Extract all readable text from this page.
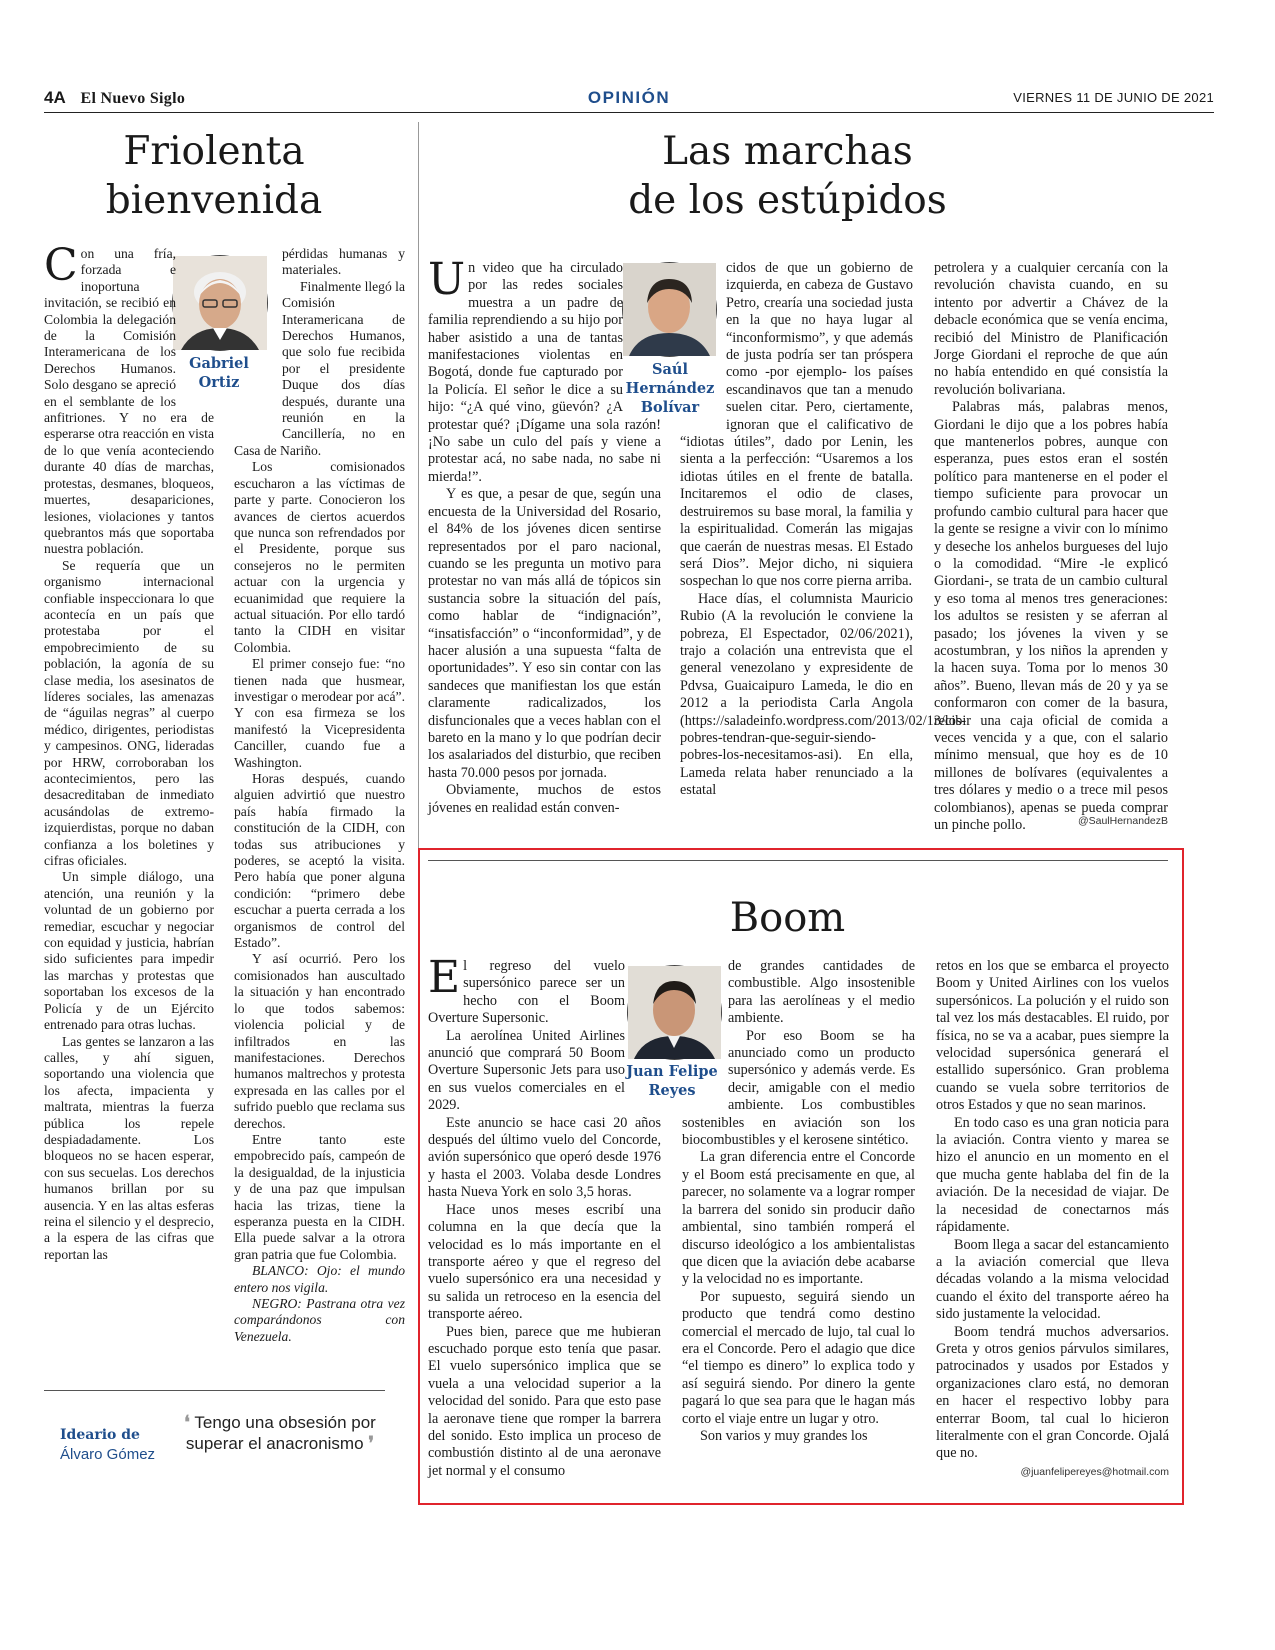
4A El Nuevo Siglo	OPINIÓN	VIERNES 11 DE JUNIO DE 2021
Friolenta
bienvenida
Gabriel
Ortiz

Con una fría, forzada e inoportuna invitación, se recibió en Colombia la delegación de la Comisión Interamericana de los Derechos Humanos. Solo desgano se apreció en el semblante de los anfitriones. Y no era de esperarse otra reacción en vista de lo que venía aconteciendo durante 40 días de marchas, protestas, desmanes, bloqueos, muertes, desapariciones, lesiones, violaciones y tantos quebrantos más que soportaba nuestra población.

Se requería que un organismo internacional confiable inspeccionara lo que acontecía en un país que protestaba por el empobrecimiento de su población, la agonía de su clase media, los asesinatos de líderes sociales, las amenazas de “águilas negras” al cuerpo médico, dirigentes, periodistas y campesinos. ONG, lideradas por HRW, corroboraban los acontecimientos, pero las desacreditaban de inmediato acusándolas de extremo-izquierdistas, porque no daban confianza a los boletines y cifras oficiales.

Un simple diálogo, una atención, una reunión y la voluntad de un gobierno por remediar, escuchar y negociar con equidad y justicia, habrían sido suficientes para impedir las marchas y protestas que soportaban los excesos de la Policía y de un Ejército entrenado para otras luchas.

Las gentes se lanzaron a las calles, y ahí siguen, soportando una violencia que los afecta, impacienta y maltrata, mientras la fuerza pública los repele despiadadamente. Los bloqueos no se hacen esperar, con sus secuelas. Los derechos humanos brillan por su ausencia. Y en las altas esferas reina el silencio y el desprecio, a la espera de las cifras que reportan las

pérdidas humanas y materiales.

Finalmente llegó la Comisión Interamericana de Derechos Humanos, que solo fue recibida por el presidente Duque dos días después, durante una reunión en la Cancillería, no en Casa de Nariño.

Los comisionados escucharon a las víctimas de parte y parte. Conocieron los avances de ciertos acuerdos que nunca son refrendados por el Presidente, porque sus consejeros no le permiten actuar con la urgencia y ecuanimidad que requiere la actual situación. Por ello tardó tanto la CIDH en visitar Colombia.

El primer consejo fue: “no tienen nada que husmear, investigar o merodear por acá”. Y con esa firmeza se los manifestó la Vicepresidenta Canciller, cuando fue a Washington.

Horas después, cuando alguien advirtió que nuestro país había firmado la constitución de la CIDH, con todas sus atribuciones y poderes, se aceptó la visita. Pero había que poner alguna condición: “primero debe escuchar a puerta cerrada a los organismos de control del Estado”.

Y así ocurrió. Pero los comisionados han auscultado la situación y han encontrado lo que todos sabemos: violencia policial y de infiltrados en las manifestaciones. Derechos humanos maltrechos y protesta expresada en las calles por el sufrido pueblo que reclama sus derechos.

Entre tanto este empobrecido país, campeón de la desigualdad, de la injusticia y de una paz que impulsan hacia las trizas, tiene la esperanza puesta en la CIDH. Ella puede salvar a la otrora gran patria que fue Colombia.

BLANCO: Ojo: el mundo entero nos vigila.

NEGRO: Pastrana otra vez comparándonos con Venezuela.

Ideario de
Álvaro Gómez
❛ Tengo una obsesión por superar el anacronismo ❜
Las marchas
de los estúpidos
Saúl
Hernández
Bolívar

Un video que ha circulado por las redes sociales muestra a un padre de familia reprendiendo a su hijo por haber asistido a una de tantas manifestaciones violentas en Bogotá, donde fue capturado por la Policía. El señor le dice a su hijo: “¿A qué vino, güevón? ¿A protestar qué? ¡Dígame una sola razón! ¡No sabe un culo del país y viene a protestar acá, no sabe nada, no sabe ni mierda!”.

Y es que, a pesar de que, según una encuesta de la Universidad del Rosario, el 84% de los jóvenes dicen sentirse representados por el paro nacional, cuando se les pregunta un motivo para protestar no van más allá de tópicos sin sustancia sobre la situación del país, como hablar de “indignación”, “insatisfacción” o “inconformidad”, y de hacer alusión a una supuesta “falta de oportunidades”. Y eso sin contar con las sandeces que manifiestan los que están claramente radicalizados, los disfuncionales que a veces hablan con el bareto en la mano y lo que podrían decir los asalariados del disturbio, que reciben hasta 70.000 pesos por jornada.

Obviamente, muchos de estos jóvenes en realidad están conven-

cidos de que un gobierno de izquierda, en cabeza de Gustavo Petro, crearía una sociedad justa en la que no haya lugar al “inconformismo”, y que además de justa podría ser tan próspera como -por ejemplo- los países escandinavos que tan a menudo suelen citar. Pero, ciertamente, ignoran que el calificativo de “idiotas útiles”, dado por Lenin, les sienta a la perfección: “Usaremos a los idiotas útiles en el frente de batalla. Incitaremos el odio de clases, destruiremos su base moral, la familia y la espiritualidad. Comerán las migajas que caerán de nuestras mesas. El Estado será Dios”. Mejor dicho, ni siquiera sospechan lo que nos corre pierna arriba.

Hace días, el columnista Mauricio Rubio (A la revolución le conviene la pobreza, El Espectador, 02/06/2021), trajo a colación una entrevista que el general venezolano y expresidente de Pdvsa, Guaicaipuro Lameda, le dio en 2012 a la periodista Carla Angola (https://saladeinfo.wordpress.com/2013/02/13/los-pobres-tendran-que-seguir-siendo-pobres-los-necesitamos-asi). En ella, Lameda relata haber renunciado a la estatal

petrolera y a cualquier cercanía con la revolución chavista cuando, en su intento por advertir a Chávez de la debacle económica que se venía encima, recibió del Ministro de Planificación Jorge Giordani el reproche de que aún no había entendido en qué consistía la revolución bolivariana.

Palabras más, palabras menos, Giordani le dijo que a los pobres había que mantenerlos pobres, aunque con esperanza, pues estos eran el sostén político para mantenerse en el poder el tiempo suficiente para provocar un profundo cambio cultural para hacer que la gente se resigne a vivir con lo mínimo y deseche los anhelos burgueses del lujo o la comodidad. “Mire -le explicó Giordani-, se trata de un cambio cultural y eso toma al menos tres generaciones: los adultos se resisten y se aferran al pasado; los jóvenes la viven y se acostumbran, y los niños la aprenden y la hacen suya. Toma por lo menos 30 años”. Bueno, llevan más de 20 y ya se conformaron con comer de la basura, recibir una caja oficial de comida a veces vencida y a que, con el salario mínimo mensual, que hoy es de 10 millones de bolívares (equivalentes a tres dólares y medio o a trece mil pesos colombianos), apenas se pueda comprar un pinche pollo.	@SaulHernandezB
Boom
Juan Felipe
Reyes

El regreso del vuelo supersónico parece ser un hecho con el Boom Overture Supersonic.

La aerolínea United Airlines anunció que comprará 50 Boom Overture Supersonic Jets para uso en sus vuelos comerciales en el 2029.

Este anuncio se hace casi 20 años después del último vuelo del Concorde, avión supersónico que operó desde 1976 y hasta el 2003. Volaba desde Londres hasta Nueva York en solo 3,5 horas.

Hace unos meses escribí una columna en la que decía que la velocidad es lo más importante en el transporte aéreo y que el regreso del vuelo supersónico era una necesidad y su salida un retroceso en la esencia del transporte aéreo.

Pues bien, parece que me hubieran escuchado porque esto tenía que pasar. El vuelo supersónico implica que se vuela a una velocidad superior a la velocidad del sonido. Para que esto pase la aeronave tiene que romper la barrera del sonido. Esto implica un proceso de combustión distinto al de una aeronave jet normal y el consumo

de grandes cantidades de combustible. Algo insostenible para las aerolíneas y el medio ambiente.

Por eso Boom se ha anunciado como un producto supersónico y además verde. Es decir, amigable con el medio ambiente. Los combustibles sostenibles en aviación son los biocombustibles y el kerosene sintético.

La gran diferencia entre el Concorde y el Boom está precisamente en que, al parecer, no solamente va a lograr romper la barrera del sonido sin producir daño ambiental, sino también romperá el discurso ideológico a los ambientalistas que dicen que la aviación debe acabarse y la velocidad no es importante.

Por supuesto, seguirá siendo un producto que tendrá como destino comercial el mercado de lujo, tal cual lo era el Concorde. Pero el adagio que dice “el tiempo es dinero” lo explica todo y así seguirá siendo. Por dinero la gente pagará lo que sea para que le hagan más corto el viaje entre un lugar y otro.

Son varios y muy grandes los

retos en los que se embarca el proyecto Boom y United Airlines con los vuelos supersónicos. La polución y el ruido son tal vez los más destacables. El ruido, por física, no se va a acabar, pues siempre la velocidad supersónica generará el estallido supersónico. Gran problema cuando se vuela sobre territorios de otros Estados y que no sean marinos.

En todo caso es una gran noticia para la aviación. Contra viento y marea se hizo el anuncio en un momento en el que mucha gente hablaba del fin de la aviación. De la necesidad de viajar. De la necesidad de conectarnos más rápidamente.

Boom llega a sacar del estancamiento a la aviación comercial que lleva décadas volando a la misma velocidad cuando el éxito del transporte aéreo ha sido justamente la velocidad.

Boom tendrá muchos adversarios. Greta y otros genios párvulos similares, patrocinados y usados por Estados y organizaciones claro está, no demoran en hacer el respectivo lobby para enterrar Boom, tal cual lo hicieron literalmente con el gran Concorde. Ojalá que no.

@juanfelipereyes@hotmail.com
